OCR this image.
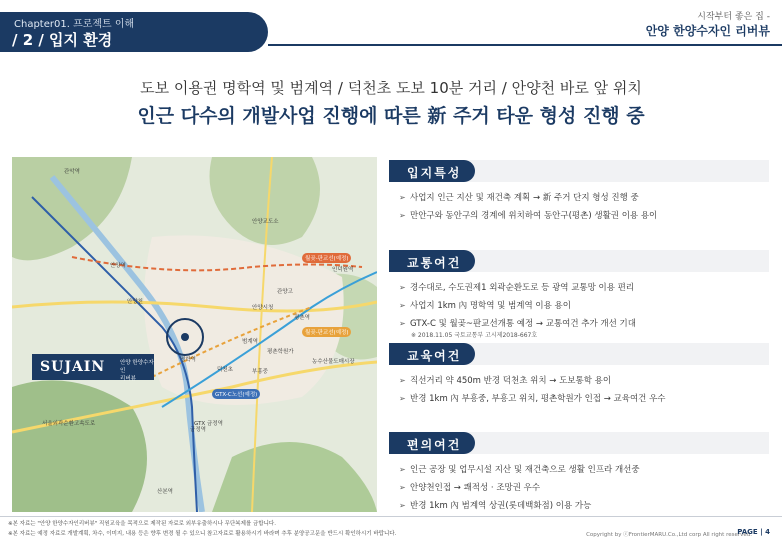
Chapter01. 프로젝트 이해
/ 2 / 입지 환경
시작부터 좋은 집 -
안양 한양수자인 리버뷰
도보 이용권 명학역 및 범계역 / 덕천초 도보 10분 거리 / 안양천 바로 앞 위치
인근 다수의 개발사업 진행에 따른 新 주거 타운 형성 진행 중
관악역
안양역
명학역
범계역
평촌역
인덕원역
안양시청
안양천
금정역
GTX 금정역
산본역
서울외곽순환고속도로
덕천초	부흥중
평촌학원가
안양교도소
관양고
농수산물도매시장
월곶-판교선(예정)
GTX-C노선(예정)
월곶-판교선(예정)
SUJAIN	안양 한양수자인
리버뷰
입지특성
➢ 사업지 인근 지산 및 재건축 계획 → 新 주거 단지 형성 진행 중
➢ 만안구와 동안구의 경계에 위치하여 동안구(평촌) 생활권 이용 용이
교통여건
➢ 경수대로, 수도권제1 외곽순환도로 등 광역 교통망 이용 편리
➢ 사업지 1km 內 명학역 및 범계역 이용 용이
➢ GTX-C 및 월곶~판교선개통 예정 → 교통여건 추가 개선 기대
※ 2018.11.05 국토교통부 고시제2018-667호
교육여건
➢ 직선거리 약 450m 반경 덕천초 위치 → 도보통학 용이
➢ 반경 1km 內 부흥중, 부흥고 위치, 평촌학원가 인접 → 교육여건 우수
편의여건
➢ 인근 공장 및 업무시설 지산 및 재건축으로 생활 인프라 개선중
➢ 안양천인접 → 쾌적성 · 조망권 우수
➢ 반경 1km 內 범계역 상권(롯데백화점) 이용 가능
※본 자료는 "안양 한양수자인리버뷰" 직원교육을 목적으로 제작된 자료로 외부유출하시나 무단복제를 금합니다.
※본 자료는 예정 자료로 개발계획, 차수, 이미지, 내용 등은 향후 변경 될 수 있으니 참고자료로 활용하시기 바라며 추후 분양공고문을 반드시 확인하시기 바랍니다.	Copyright by ⓒFrontierMARU.Co.,Ltd corp All right reserved.
PAGE | 4
